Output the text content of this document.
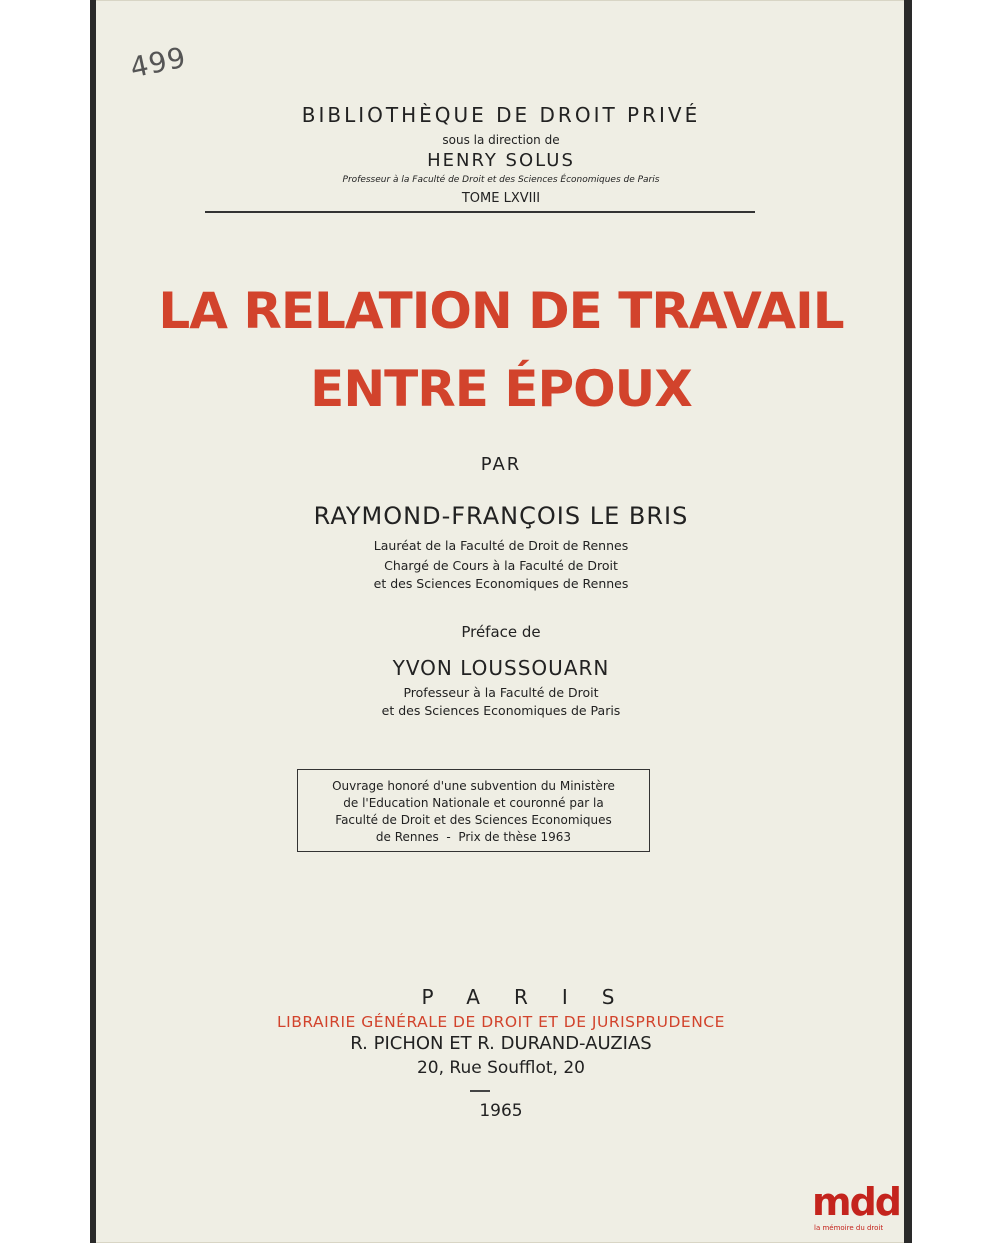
499
BIBLIOTHÈQUE DE DROIT PRIVÉ
sous la direction de
HENRY SOLUS
Professeur à la Faculté de Droit et des Sciences Économiques de Paris
TOME LXVIII
LA RELATION DE TRAVAIL
ENTRE ÉPOUX
PAR
RAYMOND-FRANÇOIS LE BRIS
Lauréat de la Faculté de Droit de Rennes
Chargé de Cours à la Faculté de Droit
et des Sciences Economiques de Rennes
Préface de
YVON LOUSSOUARN
Professeur à la Faculté de Droit
et des Sciences Economiques de Paris
Ouvrage honoré d'une subvention du Ministère
de l'Education Nationale et couronné par la
Faculté de Droit et des Sciences Economiques
de Rennes  -  Prix de thèse 1963
PARIS
LIBRAIRIE GÉNÉRALE DE DROIT ET DE JURISPRUDENCE
R. PICHON ET R. DURAND-AUZIAS
20, Rue Soufflot, 20
1965
mdd
la mémoire du droit
